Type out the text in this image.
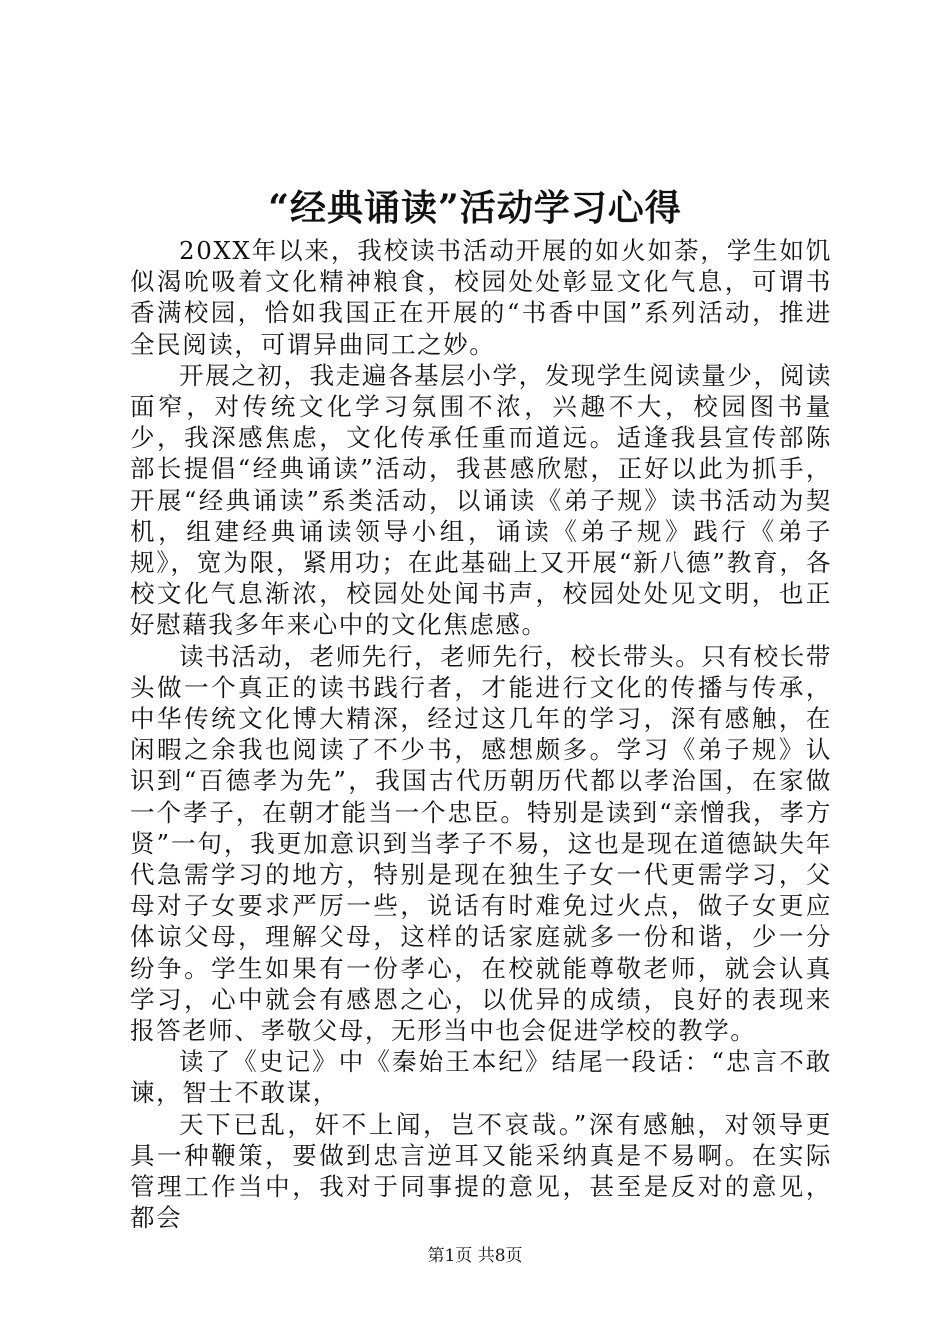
“经典诵读”活动学习心得

20XX年以来，我校读书活动开展的如火如荼，学生如饥似渴吮吸着文化精神粮食，校园处处彰显文化气息，可谓书香满校园，恰如我国正在开展的“书香中国”系列活动，推进全民阅读，可谓异曲同工之妙。

开展之初，我走遍各基层小学，发现学生阅读量少，阅读面窄，对传统文化学习氛围不浓，兴趣不大，校园图书量少，我深感焦虑，文化传承任重而道远。适逢我县宣传部陈部长提倡“经典诵读”活动，我甚感欣慰，正好以此为抓手，开展“经典诵读”系类活动，以诵读《弟子规》读书活动为契机，组建经典诵读领导小组，诵读《弟子规》践行《弟子规》，宽为限，紧用功；在此基础上又开展“新八德”教育，各校文化气息渐浓，校园处处闻书声，校园处处见文明，也正好慰藉我多年来心中的文化焦虑感。

读书活动，老师先行，老师先行，校长带头。只有校长带头做一个真正的读书践行者，才能进行文化的传播与传承，中华传统文化博大精深，经过这几年的学习，深有感触，在闲暇之余我也阅读了不少书，感想颇多。学习《弟子规》认识到“百德孝为先”，我国古代历朝历代都以孝治国，在家做一个孝子，在朝才能当一个忠臣。特别是读到“亲憎我，孝方贤”一句，我更加意识到当孝子不易，这也是现在道德缺失年代急需学习的地方，特别是现在独生子女一代更需学习，父母对子女要求严厉一些，说话有时难免过火点，做子女更应体谅父母，理解父母，这样的话家庭就多一份和谐，少一分纷争。学生如果有一份孝心，在校就能尊敬老师，就会认真学习，心中就会有感恩之心，以优异的成绩，良好的表现来报答老师、孝敬父母，无形当中也会促进学校的教学。

读了《史记》中《秦始王本纪》结尾一段话：“忠言不敢谏，智士不敢谋，

天下已乱，奸不上闻，岂不哀哉。”深有感触，对领导更具一种鞭策，要做到忠言逆耳又能采纳真是不易啊。在实际管理工作当中，我对于同事提的意见，甚至是反对的意见，都会

第1页 共8页
